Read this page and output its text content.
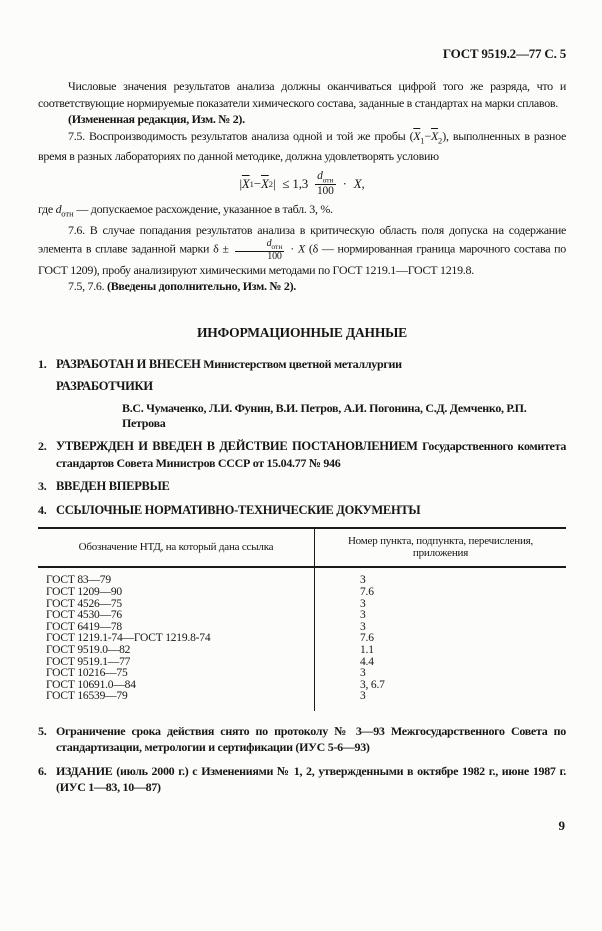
ГОСТ 9519.2—77 С. 5

Числовые значения результатов анализа должны оканчиваться цифрой того же разряда, что и соответствующие нормируемые показатели химического состава, заданные в стандартах на марки сплавов.

(Измененная редакция, Изм. № 2).

7.5. Воспроизводимость результатов анализа одной и той же пробы $(\overline{X}_1-\overline{X}_2)$, выполненных в разное время в разных лабораториях по данной методике, должна удовлетворять условию

| $\overline{X}$ $1 - \overline{X}$ 2 | ≤ $1,3 \frac{d_{отн}}{100} \cdot X$ ,

где $d_{отн}$ — допускаемое расхождение, указанное в табл. 3, %.

7.6. В случае попадания результатов анализа в критическую область поля допуска на содержание элемента в сплаве заданной марки $\delta \pm \frac{d_{отн}}{100} \cdot X$ (δ — нормированная граница марочного состава по ГОСТ 1209), пробу анализируют химическими методами по ГОСТ 1219.1—ГОСТ 1219.8.

7.5, 7.6. (Введены дополнительно, Изм. № 2).

ИНФОРМАЦИОННЫЕ ДАННЫЕ
1. РАЗРАБОТАН И ВНЕСЕН Министерством цветной металлургии
РАЗРАБОТЧИКИ
В.С. Чумаченко, Л.И. Фунин, В.И. Петров, А.И. Погонина, С.Д. Демченко, Р.П. Петрова
2. УТВЕРЖДЕН И ВВЕДЕН В ДЕЙСТВИЕ ПОСТАНОВЛЕНИЕМ Государственного комитета стандартов Совета Министров СССР от 15.04.77 № 946
3. ВВЕДЕН ВПЕРВЫЕ
4. ССЫЛОЧНЫЕ НОРМАТИВНО-ТЕХНИЧЕСКИЕ ДОКУМЕНТЫ
Обозначение НТД, на который дана ссылка	Номер пункта, подпункта, перечисления, приложения
ГОСТ 83—79	3
ГОСТ 1209—90	7.6
ГОСТ 4526—75	3
ГОСТ 4530—76	3
ГОСТ 6419—78	3
ГОСТ 1219.1-74—ГОСТ 1219.8-74	7.6
ГОСТ 9519.0—82	1.1
ГОСТ 9519.1—77	4.4
ГОСТ 10216—75	3
ГОСТ 10691.0—84	3, 6.7
ГОСТ 16539—79	3
5. Ограничение срока действия снято по протоколу № 3—93 Межгосударственного Совета по стандартизации, метрологии и сертификации (ИУС 5-6—93)
6. ИЗДАНИЕ (июль 2000 г.) с Изменениями № 1, 2, утвержденными в октябре 1982 г., июне 1987 г. (ИУС 1—83, 10—87)
9
